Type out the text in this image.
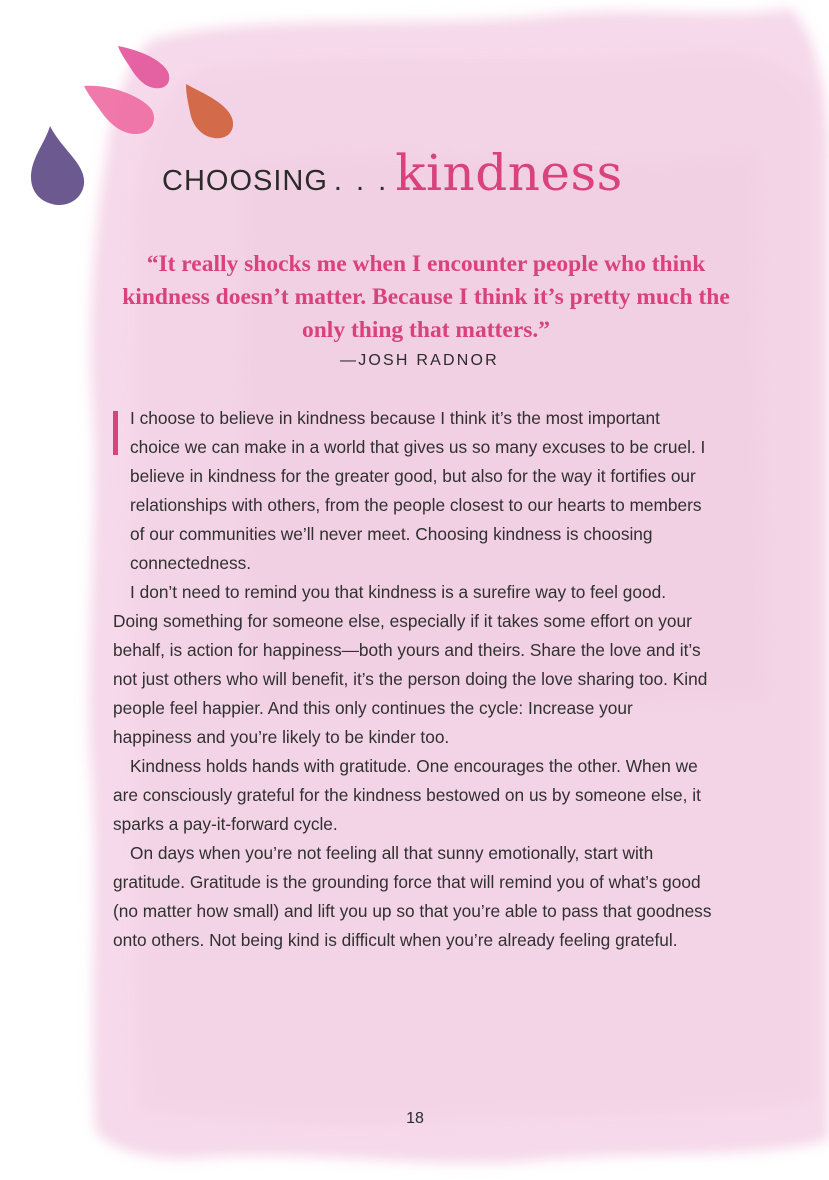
CHOOSING . . . kindness

“It really shocks me when I encounter people who think kindness doesn’t matter. Because I think it’s pretty much the only thing that matters.”

—JOSH RADNOR

I choose to believe in kindness because I think it’s the most important choice we can make in a world that gives us so many excuses to be cruel. I believe in kindness for the greater good, but also for the way it fortifies our relationships with others, from the people closest to our hearts to members of our communities we’ll never meet. Choosing kindness is choosing connectedness.

I don’t need to remind you that kindness is a surefire way to feel good. Doing something for someone else, especially if it takes some effort on your behalf, is action for happiness—both yours and theirs. Share the love and it’s not just others who will benefit, it’s the person doing the love sharing too. Kind people feel happier. And this only continues the cycle: Increase your happiness and you’re likely to be kinder too.

Kindness holds hands with gratitude. One encourages the other. When we are consciously grateful for the kindness bestowed on us by someone else, it sparks a pay-it-forward cycle.

On days when you’re not feeling all that sunny emotionally, start with gratitude. Gratitude is the grounding force that will remind you of what’s good (no matter how small) and lift you up so that you’re able to pass that goodness onto others. Not being kind is difficult when you’re already feeling grateful.

18
